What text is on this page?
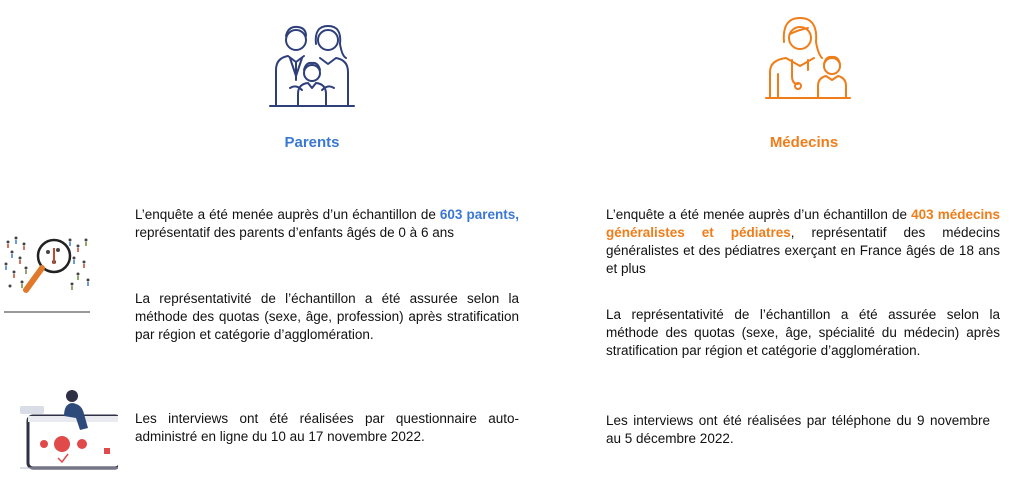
Parents	Médecins
L’enquête a été menée auprès d’un échantillon de 603 parents, représentatif des parents d’enfants âgés de 0 à 6 ans
La représentativité de l’échantillon a été assurée selon la méthode des quotas (sexe, âge, profession) après stratification par région et catégorie d’agglomération.
Les interviews ont été réalisées par questionnaire auto-administré en ligne du 10 au 17 novembre 2022.
L’enquête a été menée auprès d’un échantillon de 403 médecins généralistes et pédiatres, représentatif des médecins généralistes et des pédiatres exerçant en France âgés de 18 ans et plus
La représentativité de l’échantillon a été assurée selon la méthode des quotas (sexe, âge, spécialité du médecin) après stratification par région et catégorie d’agglomération.
Les interviews ont été réalisées par téléphone du 9 novembre au 5 décembre 2022.
